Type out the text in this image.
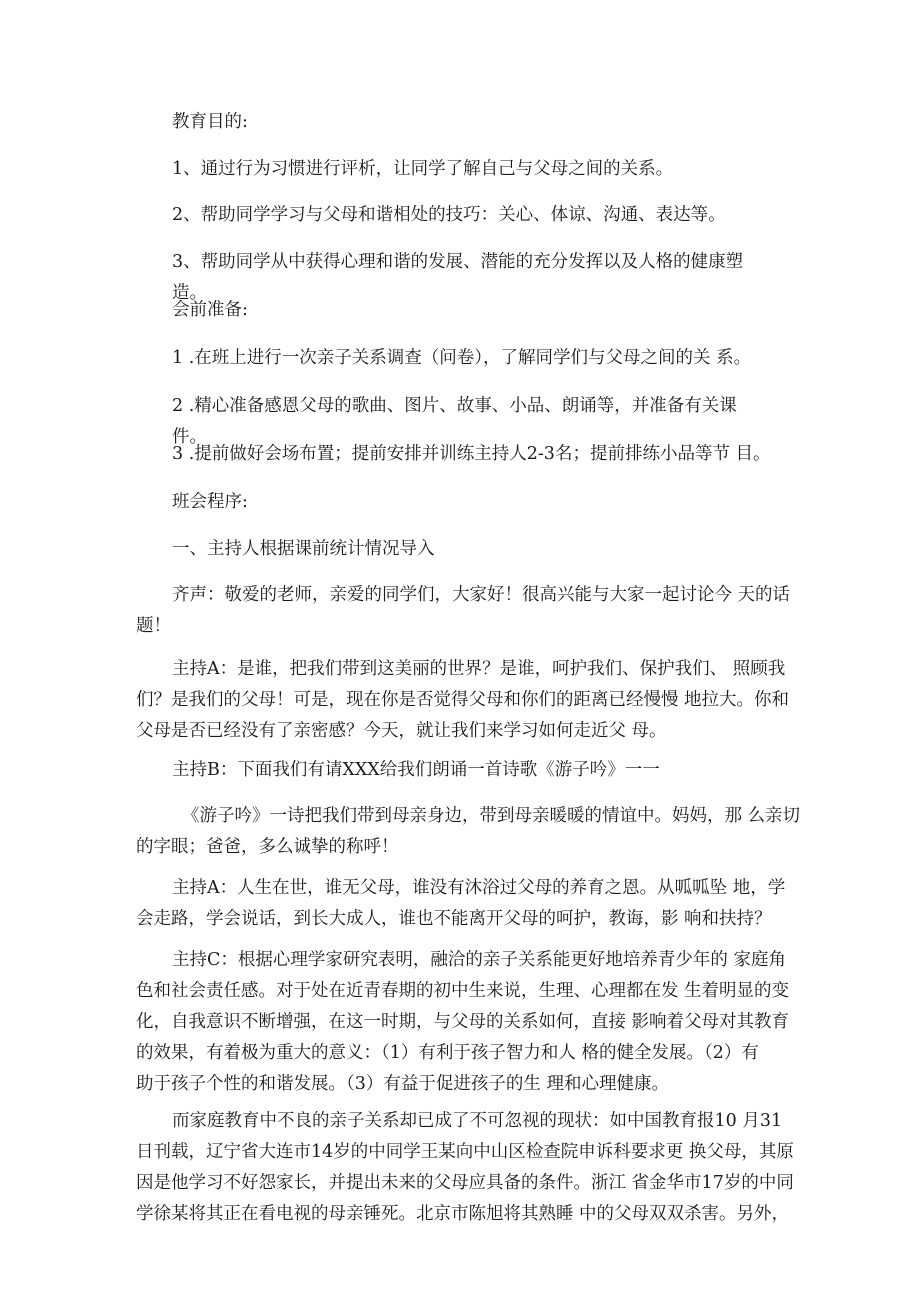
教育目的:

1、通过行为习惯进行评析，让同学了解自己与父母之间的关系。

2、帮助同学学习与父母和谐相处的技巧：关心、体谅、沟通、表达等。

3、帮助同学从中获得心理和谐的发展、潜能的充分发挥以及人格的健康塑 造。

会前准备:

1 .在班上进行一次亲子关系调查（问卷），了解同学们与父母之间的关 系。

2 .精心准备感恩父母的歌曲、图片、故事、小品、朗诵等，并准备有关课 件。

3 .提前做好会场布置；提前安排并训练主持人2-3名；提前排练小品等节 目。

班会程序:

一、主持人根据课前统计情况导入

齐声：敬爱的老师，亲爱的同学们，大家好！很高兴能与大家一起讨论今 天的话
题！
主持A：是谁，把我们带到这美丽的世界？是谁，呵护我们、保护我们、 照顾我
们？是我们的父母！可是，现在你是否觉得父母和你们的距离已经慢慢 地拉大。你和
父母是否已经没有了亲密感？今天，就让我们来学习如何走近父 母。

主持B：下面我们有请XXX给我们朗诵一首诗歌《游子吟》一一

《游子吟》一诗把我们带到母亲身边，带到母亲暖暖的情谊中。妈妈，那 么亲切
的字眼；爸爸，多么诚挚的称呼！
主持A：人生在世，谁无父母，谁没有沐浴过父母的养育之恩。从呱呱坠 地，学
会走路，学会说话，到长大成人，谁也不能离开父母的呵护，教诲，影 响和扶持？
主持C：根据心理学家研究表明，融洽的亲子关系能更好地培养青少年的 家庭角
色和社会责任感。对于处在近青春期的初中生来说，生理、心理都在发 生着明显的变
化，自我意识不断增强，在这一时期，与父母的关系如何，直接 影响着父母对其教育
的效果，有着极为重大的意义：（1）有利于孩子智力和人 格的健全发展。（2）有
助于孩子个性的和谐发展。（3）有益于促进孩子的生 理和心理健康。
而家庭教育中不良的亲子关系却已成了不可忽视的现状：如中国教育报10 月31
日刊载，辽宁省大连市14岁的中同学王某向中山区检查院申诉科要求更 换父母，其原
因是他学习不好怨家长，并提出未来的父母应具备的条件。浙江 省金华市17岁的中同
学徐某将其正在看电视的母亲锤死。北京市陈旭将其熟睡 中的父母双双杀害。另外，
